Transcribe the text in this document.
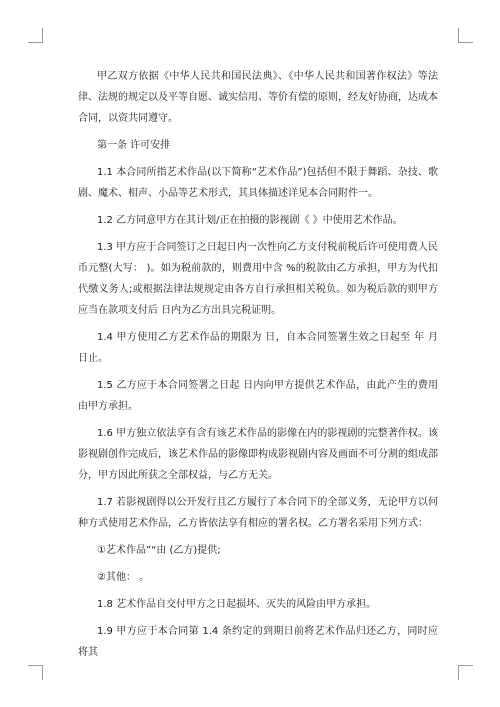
甲乙双方依据《中华人民共和国民法典》、《中华人民共和国著作权法》等法律、法规的规定以及平等自愿、诚实信用、等价有偿的原则，经友好协商，达成本合同，以资共同遵守。

第一条 许可安排

1.1 本合同所指艺术作品(以下简称“艺术作品”)包括但不限于舞蹈、杂技、歌剧、魔术、相声、小品等艺术形式，其具体描述详见本合同附件一。

1.2 乙方同意甲方在其计划/正在拍摄的影视剧《 》中使用艺术作品。

1.3 甲方应于合同签订之日起日内一次性向乙方支付税前税后许可使用费人民币元整(大写： )。如为税前款的，则费用中含 %的税款由乙方承担，甲方为代扣代缴义务人;或根据法律法规规定由各方自行承担相关税负。如为税后款的则甲方应当在款项支付后 日内为乙方出具完税证明。

1.4 甲方使用乙方艺术作品的期限为 日，自本合同签署生效之日起至 年 月 日止。

1.5 乙方应于本合同签署之日起 日内向甲方提供艺术作品，由此产生的费用由甲方承担。

1.6 甲方独立依法享有含有该艺术作品的影像在内的影视剧的完整著作权。该影视剧创作完成后，该艺术作品的影像即构成影视剧内容及画面不可分割的组成部分，甲方因此所获之全部权益，与乙方无关。

1.7 若影视剧得以公开发行且乙方履行了本合同下的全部义务，无论甲方以何种方式使用艺术作品，乙方皆依法享有相应的署名权。乙方署名采用下列方式：

①艺术作品”“由 (乙方)提供;

②其他： 。

1.8 艺术作品自交付甲方之日起损坏、灭失的风险由甲方承担。

1.9 甲方应于本合同第 1.4 条约定的到期日前将艺术作品归还乙方，同时应将其
